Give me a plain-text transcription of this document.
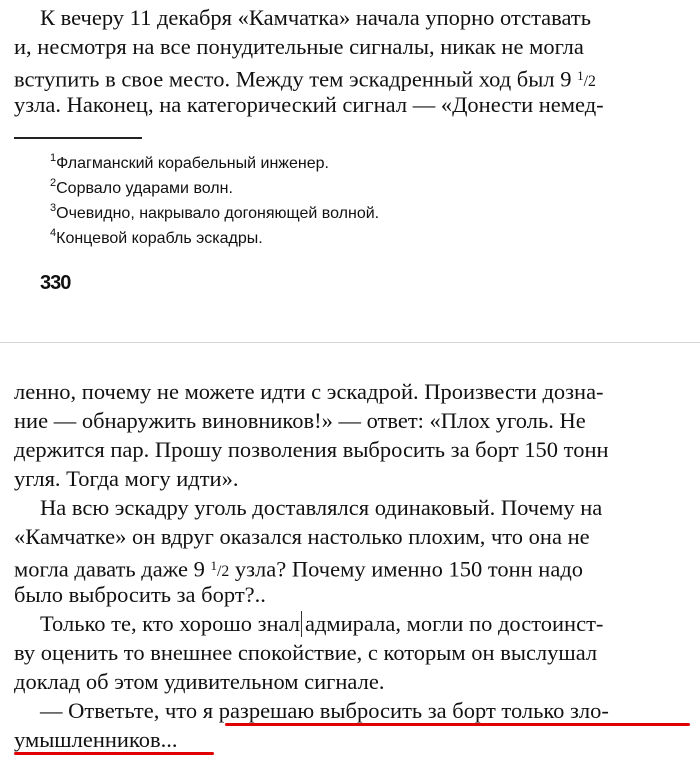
К вечеру 11 декабря «Камчатка» начала упорно отставать
и, несмотря на все понудительные сигналы, никак не могла
вступить в свое место. Между тем эскадренный ход был 9 $^1$/2
узла. Наконец, на категорический сигнал — «Донести немед-
$^1$Флагманский корабельный инженер.
$^2$Сорвало ударами волн.
$^3$Очевидно, накрывало догоняющей волной.
$^4$Концевой корабль эскадры.
330
ленно, почему не можете идти с эскадрой. Произвести дозна-
ние — обнаружить виновников!» — ответ: «Плох уголь. Не
держится пар. Прошу позволения выбросить за борт 150 тонн
угля. Тогда могу идти».
На всю эскадру уголь доставлялся одинаковый. Почему на
«Камчатке» он вдруг оказался настолько плохим, что она не
могла давать даже 9 $^1$/2 узла? Почему именно 150 тонн надо
было выбросить за борт?..
Только те, кто хорошо знал адмирала, могли по достоинст-
ву оценить то внешнее спокойствие, с которым он выслушал
доклад об этом удивительном сигнале.
— Ответьте, что я разрешаю выбросить за борт только зло-
умышленников...
